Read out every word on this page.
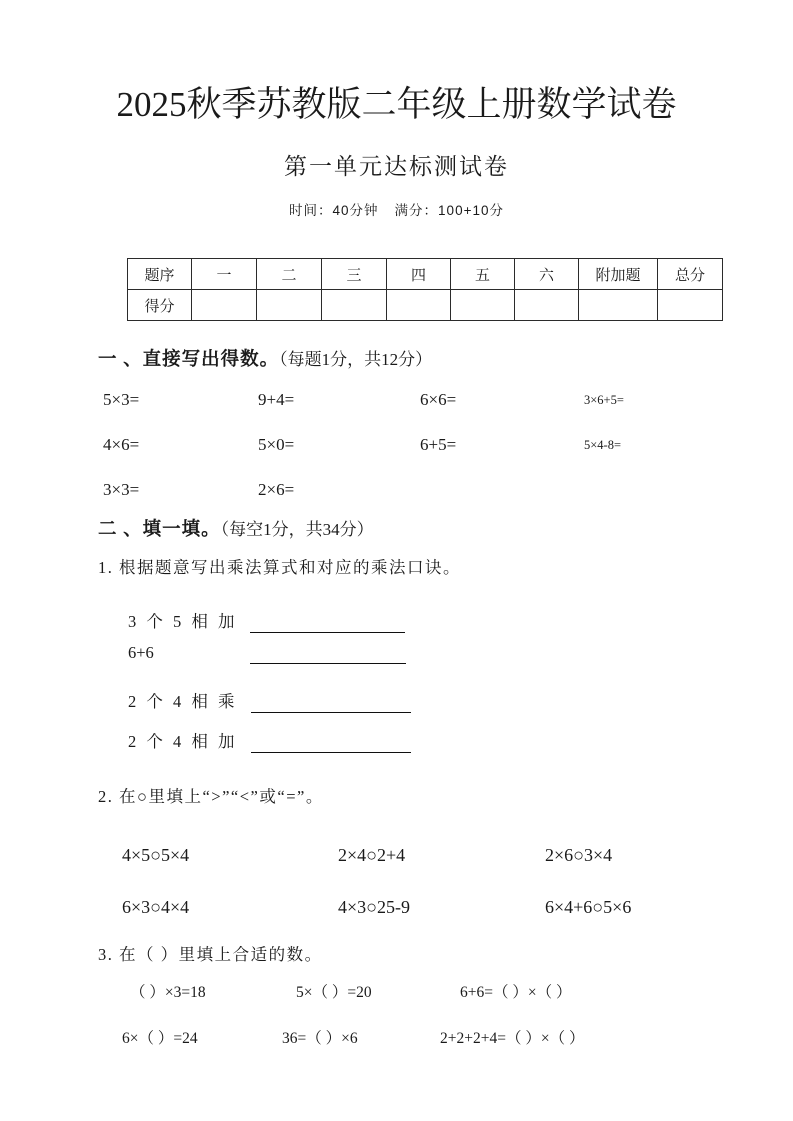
2025秋季苏教版二年级上册数学试卷
第一单元达标测试卷
时间：40分钟 满分：100+10分
题序	一	二	三	四	五	六	附加题	总分
得分								
一 、直接写出得数。（每题1分，共12分）
5×3=	9+4=	6×6=	3×6+5=
4×6=	5×0=	6+5=	5×4-8=
3×3=	2×6=
二 、填一填。（每空1分，共34分）
1. 根据题意写出乘法算式和对应的乘法口诀。
3 个 5 相 加
6+6
2 个 4 相 乘
2 个 4 相 加
2. 在○里填上“>”“<”或“=”。
4×5○5×4	2×4○2+4	2×6○3×4
6×3○4×4	4×3○25-9	6×4+6○5×6
3. 在（ ）里填上合适的数。
（ ）×3=18	5×（ ）=20	6+6=（ ）×（ ）
6×（ ）=24	36=（ ）×6	2+2+2+4=（ ）×（ ）
